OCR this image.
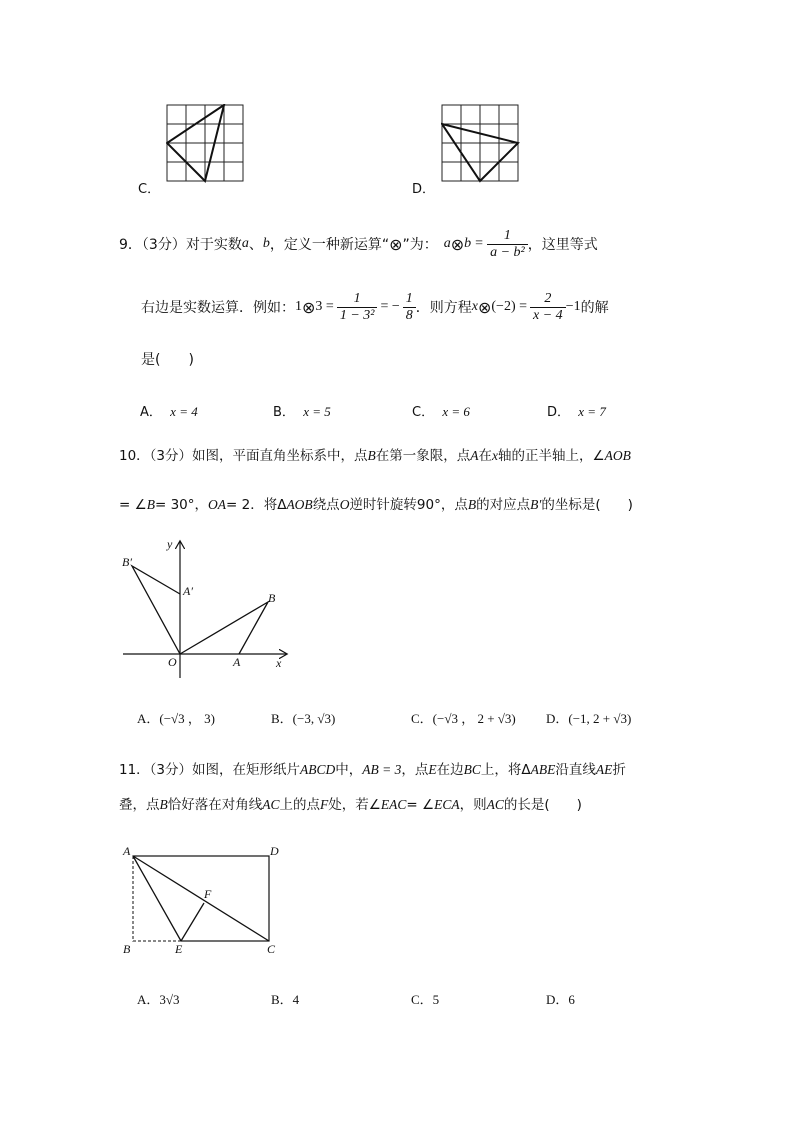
C．	D．
9．（3分）对于实数 a 、 b ，定义一种新运算“ ⊗ ”为： a ⊗ $b = \frac{1}{\text{a − b²}}$ ，这里等式
右边是实数运算．例如： 1 ⊗ $3 = \frac{1}{\text{1 − 3²}}$ = − $\frac{1}{8}$ ．则方程 x ⊗ $(-2) = \frac{2}{x - 4} -1$ 的解
是(　　)
A． x = 4	B． x = 5	C． x = 6	D． x = 7
10．（3分）如图，平面直角坐标系中，点B在第一象限，点A在x轴的正半轴上，∠AOB
= ∠B= 30°，OA= 2．将ΔAOB绕点O逆时针旋转90°，点B的对应点B′的坐标是(　　)
B′
y
A′	B
O	A	x
A．(−√3 ， 3)	B．(−3, √3)	C．(−√3 ， 2 + √3) D．(−1, 2 + √3)
11．（3分）如图，在矩形纸片ABCD中，AB = 3，点E在边BC上，将ΔABE沿直线AE折
叠，点B恰好落在对角线AC上的点F处，若∠EAC= ∠ECA，则AC的长是(　　)
A	D
F
B	E	C
A．3√3	B．4	C．5	D．6
